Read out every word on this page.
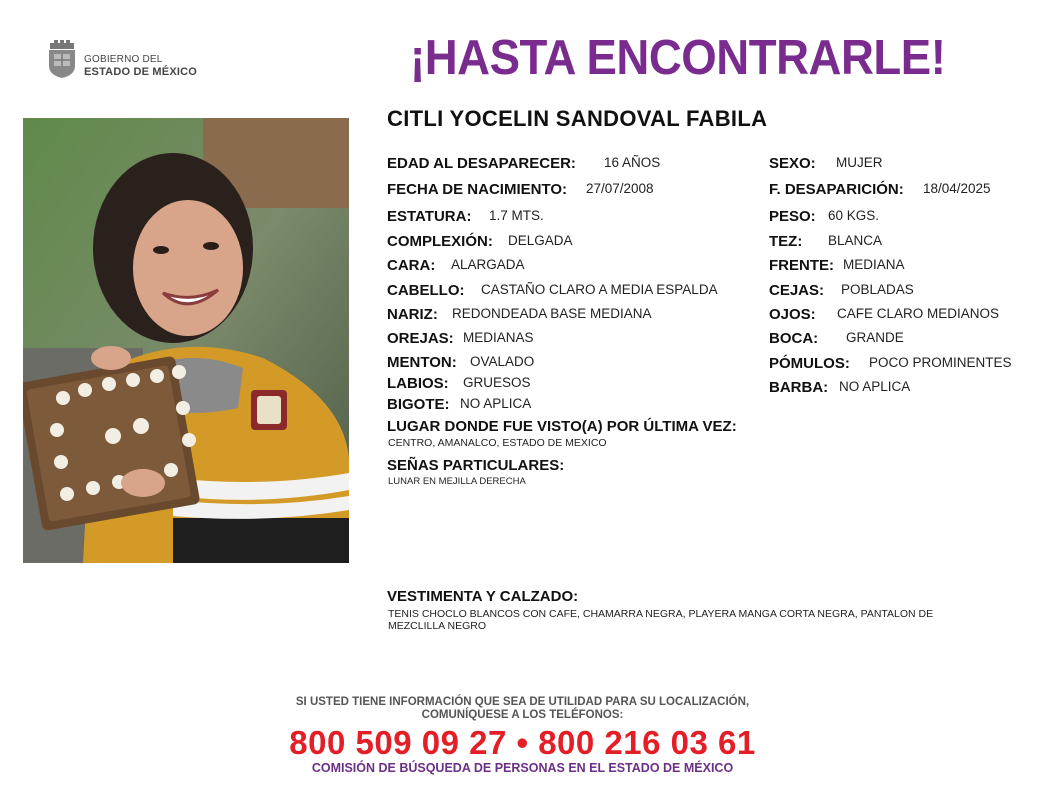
GOBIERNO DEL
ESTADO DE MÉXICO	¡HASTA ENCONTRARLE!
CITLI YOCELIN SANDOVAL FABILA
EDAD AL DESAPARECER: 16 AÑOS
FECHA DE NACIMIENTO: 27/07/2008
ESTATURA: 1.7 MTS.
COMPLEXIÓN: DELGADA
CARA: ALARGADA
CABELLO: CASTAÑO CLARO A MEDIA ESPALDA
NARIZ: REDONDEADA BASE MEDIANA
OREJAS: MEDIANAS
MENTON: OVALADO
LABIOS: GRUESOS
BIGOTE: NO APLICA
SEXO: MUJER
F. DESAPARICIÓN: 18/04/2025
PESO: 60 KGS.
TEZ: BLANCA
FRENTE: MEDIANA
CEJAS: POBLADAS
OJOS: CAFE CLARO MEDIANOS
BOCA: GRANDE
PÓMULOS: POCO PROMINENTES
BARBA: NO APLICA
LUGAR DONDE FUE VISTO(A) POR ÚLTIMA VEZ:
CENTRO, AMANALCO, ESTADO DE MEXICO
SEÑAS PARTICULARES:
LUNAR EN MEJILLA DERECHA
VESTIMENTA Y CALZADO:
TENIS CHOCLO BLANCOS CON CAFE, CHAMARRA NEGRA, PLAYERA MANGA CORTA NEGRA, PANTALON DE
MEZCLILLA NEGRO
SI USTED TIENE INFORMACIÓN QUE SEA DE UTILIDAD PARA SU LOCALIZACIÓN,
COMUNÍQUESE A LOS TELÉFONOS:
800 509 09 27 • 800 216 03 61
COMISIÓN DE BÚSQUEDA DE PERSONAS EN EL ESTADO DE MÉXICO
